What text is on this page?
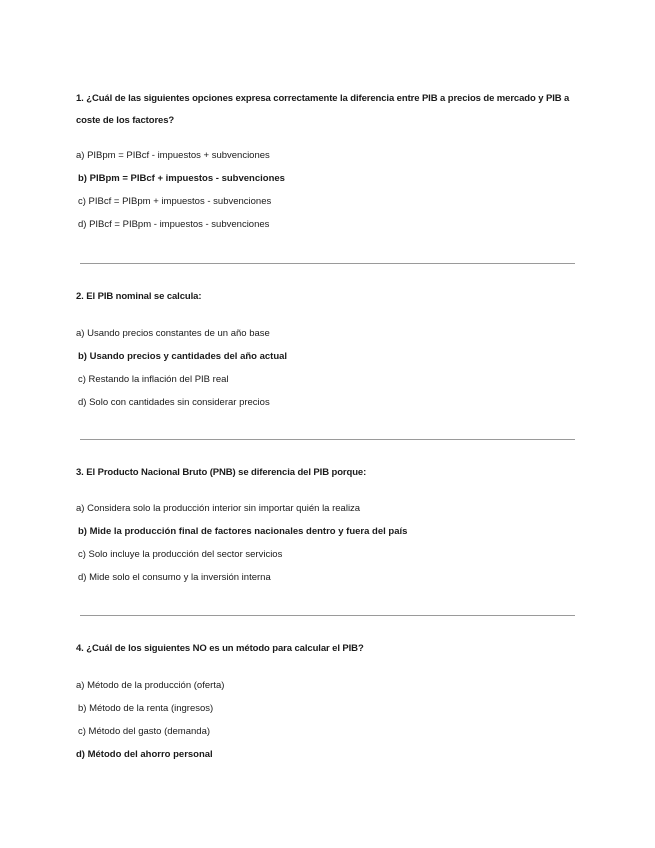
1. ¿Cuál de las siguientes opciones expresa correctamente la diferencia entre PIB a precios de mercado y PIB a coste de los factores?

a) PIBpm = PIBcf - impuestos + subvenciones
b) PIBpm = PIBcf + impuestos - subvenciones
c) PIBcf = PIBpm + impuestos - subvenciones
d) PIBcf = PIBpm - impuestos - subvenciones

2. El PIB nominal se calcula:

a) Usando precios constantes de un año base
b) Usando precios y cantidades del año actual
c) Restando la inflación del PIB real
d) Solo con cantidades sin considerar precios

3. El Producto Nacional Bruto (PNB) se diferencia del PIB porque:

a) Considera solo la producción interior sin importar quién la realiza
b) Mide la producción final de factores nacionales dentro y fuera del país
c) Solo incluye la producción del sector servicios
d) Mide solo el consumo y la inversión interna

4. ¿Cuál de los siguientes NO es un método para calcular el PIB?

a) Método de la producción (oferta)
b) Método de la renta (ingresos)
c) Método del gasto (demanda)
d) Método del ahorro personal
